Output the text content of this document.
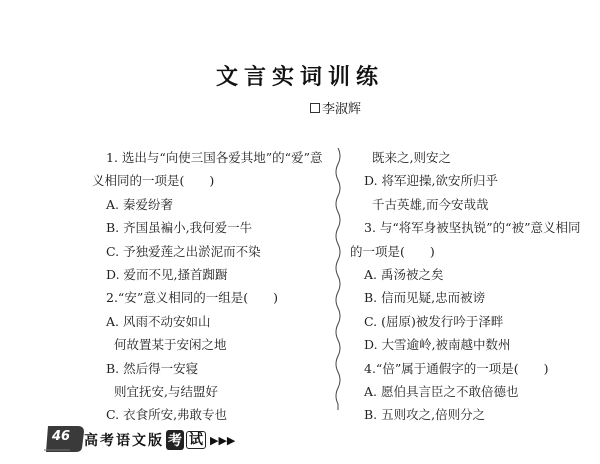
文言实词训练
李淑辉
1. 选出与“向使三国各爱其地”的“爱”意
义相同的一项是(　　)
A. 秦爱纷奢
B. 齐国虽褊小,我何爱一牛
C. 予独爱莲之出淤泥而不染
D. 爱而不见,搔首踟蹰
2.“安”意义相同的一组是(　　)
A. 风雨不动安如山
何故置某于安闲之地
B. 然后得一安寝
则宜抚安,与结盟好
C. 衣食所安,弗敢专也
既来之,则安之
D. 将军迎操,欲安所归乎
千古英雄,而今安哉哉
3. 与“将军身被坚执锐”的“被”意义相同
的一项是(　　)
A. 禹汤被之矣
B. 信而见疑,忠而被谤
C. (屈原)被发行吟于泽畔
D. 大雪逾岭,被南越中数州
4.“倍”属于通假字的一项是(　　)
A. 愿伯具言臣之不敢倍德也
B. 五则攻之,倍则分之
46 高考语文版 考 试 ▶▶▶
